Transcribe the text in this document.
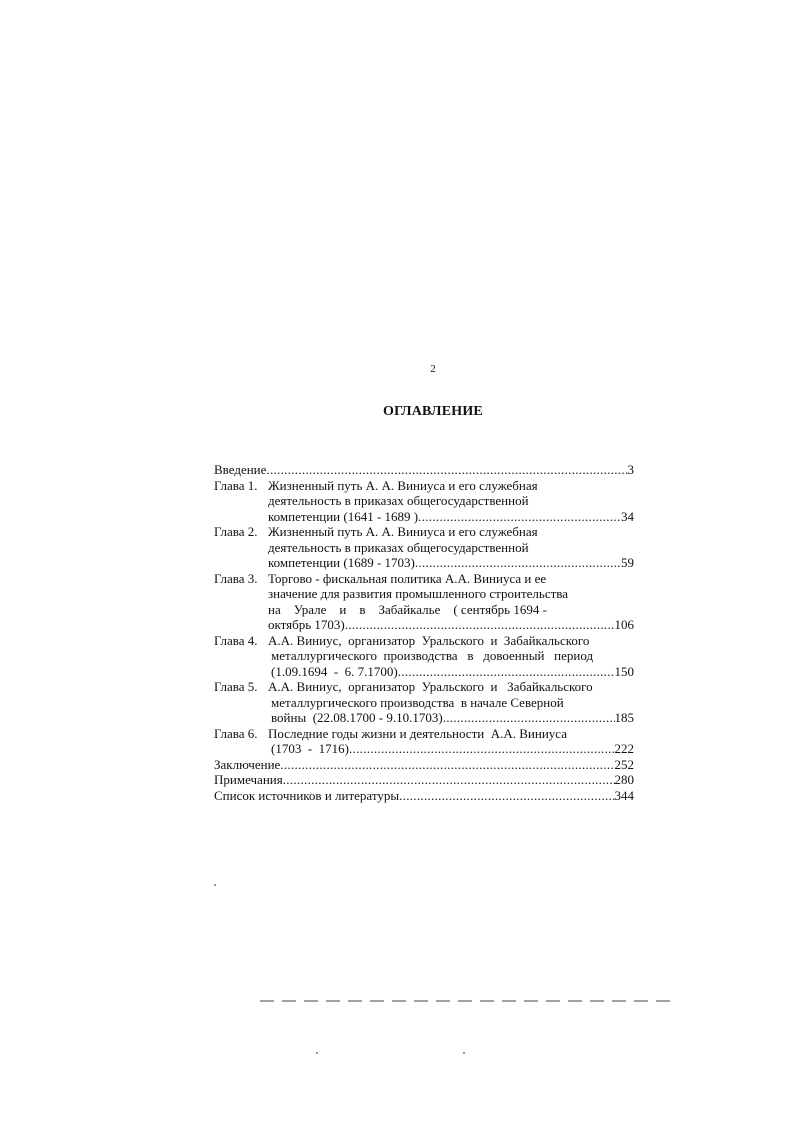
2
ОГЛАВЛЕНИЕ
Введение .....	3
Глава 1. Жизненный путь А. А. Виниуса и его служебная
деятельность в приказах общегосударственной
компетенции (1641 - 1689 ) .....	34
Глава 2. Жизненный путь А. А. Виниуса и его служебная
деятельность в приказах общегосударственной
компетенции (1689 - 1703) .....	59
Глава 3. Торгово - фискальная политика А.А. Виниуса и ее
значение для развития промышленного строительства
на    Урале    и    в    Забайкалье    ( сентябрь 1694 -
октябрь 1703) .....	106
Глава 4. А.А. Виниус,  организатор  Уральского  и  Забайкальского
металлургического  производства   в   довоенный   период
(1.09.1694  -  6. 7.1700) .....	150
Глава 5. А.А. Виниус,  организатор  Уральского  и   Забайкальского
металлургического производства  в начале Северной
войны  (22.08.1700 - 9.10.1703) .....	185
Глава 6. Последние годы жизни и деятельности  А.А. Виниуса
(1703  -  1716) .....	222
Заключение .....	252
Примечания .....	280
Список источников и литературы .....	344
